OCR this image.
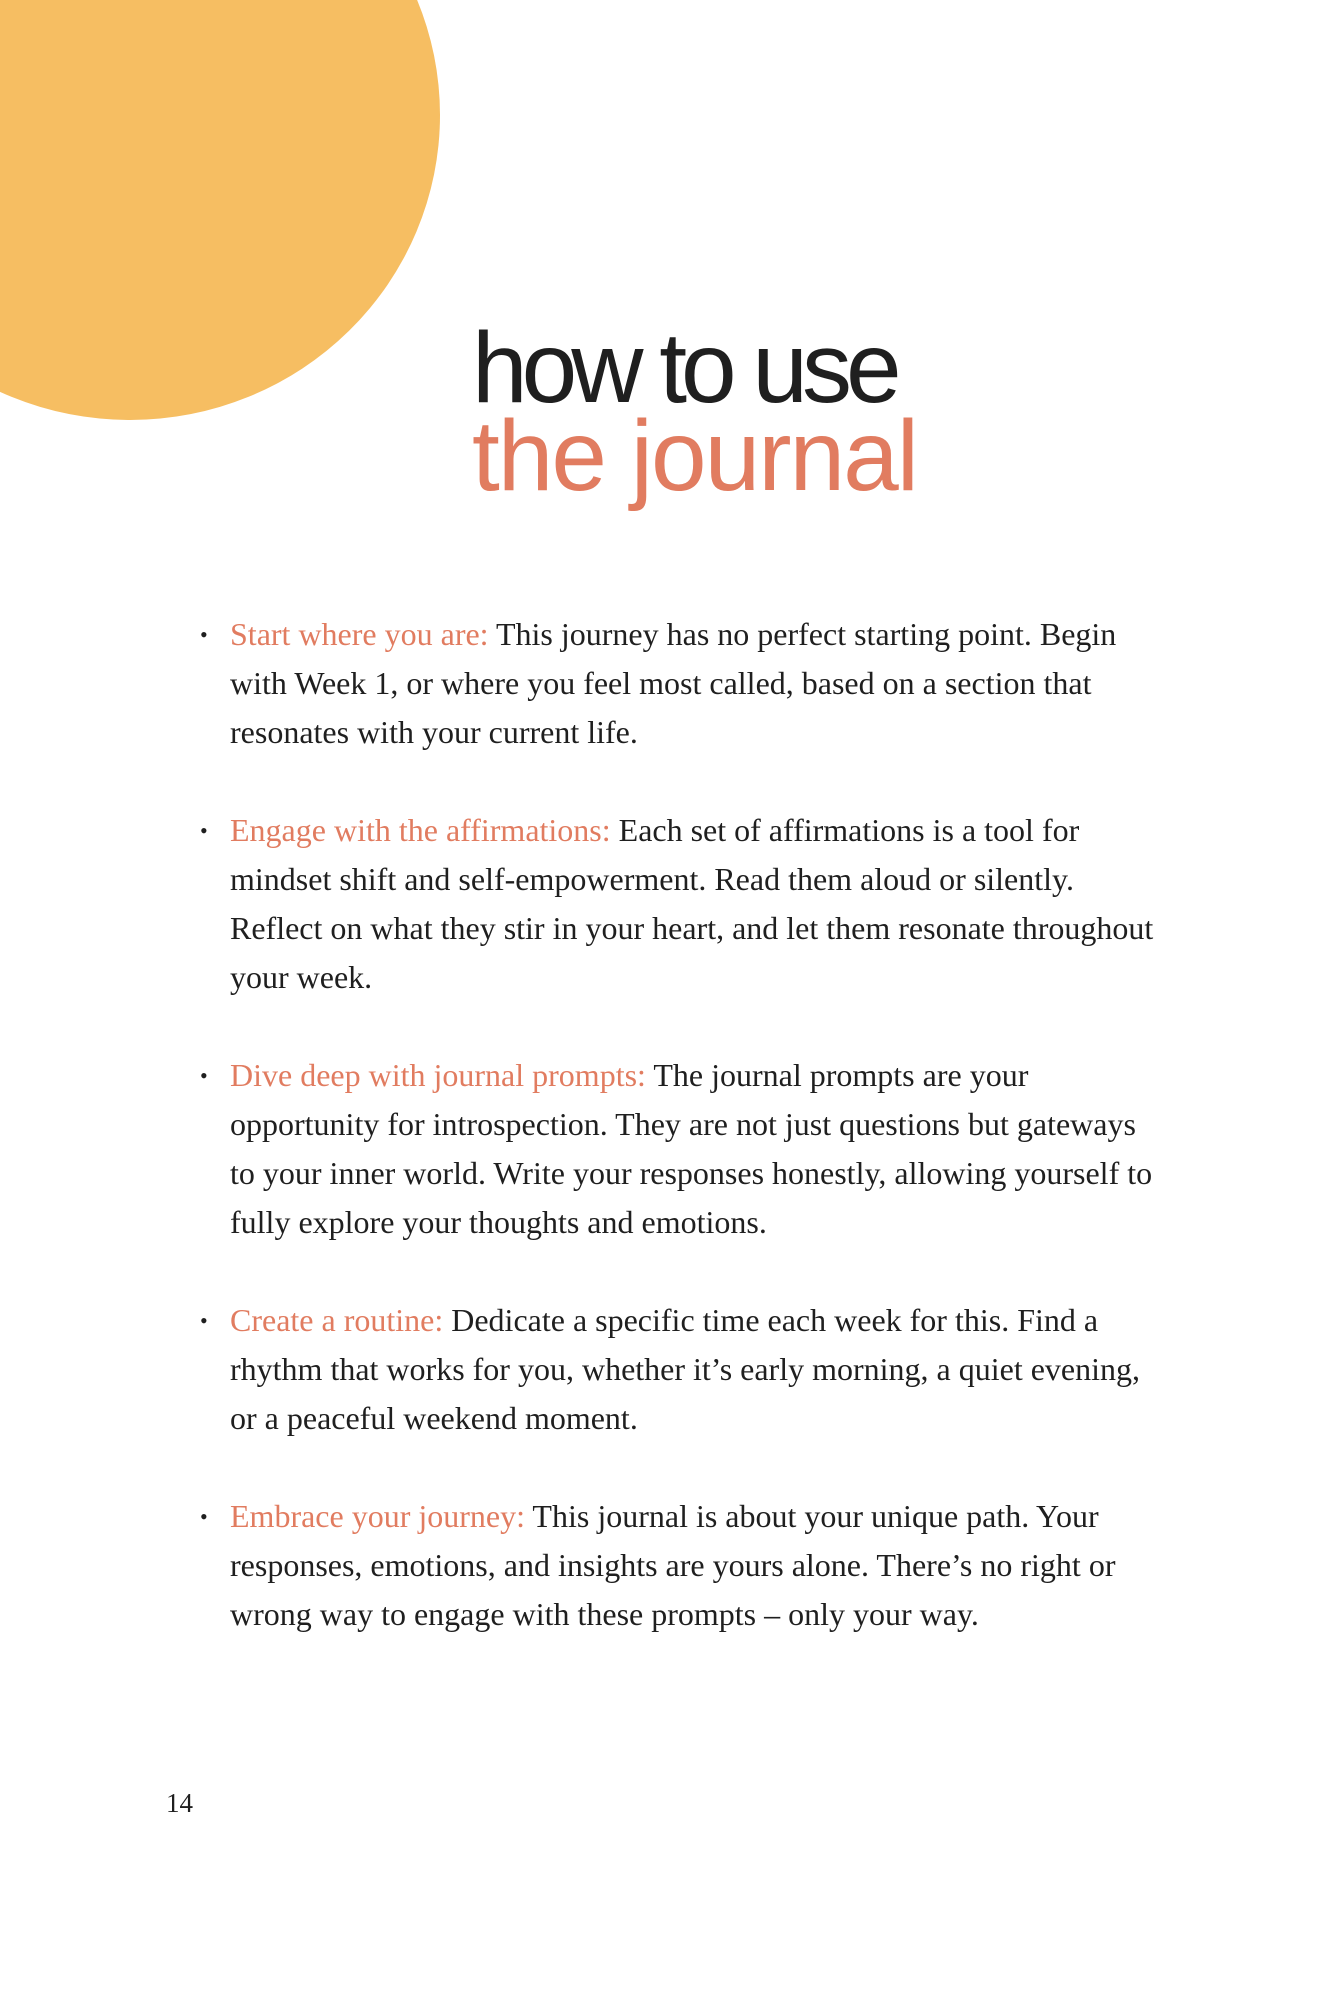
how to use
the journal
• Start where you are: This journey has no perfect starting point. Begin with Week 1, or where you feel most called, based on a section that resonates with your current life.
• Engage with the affirmations: Each set of affirmations is a tool for mindset shift and self-empowerment. Read them aloud or silently. Reflect on what they stir in your heart, and let them resonate throughout your week.
• Dive deep with journal prompts: The journal prompts are your opportunity for introspection. They are not just questions but gateways to your inner world. Write your responses honestly, allowing yourself to fully explore your thoughts and emotions.
• Create a routine: Dedicate a specific time each week for this. Find a rhythm that works for you, whether it’s early morning, a quiet evening, or a peaceful weekend moment.
• Embrace your journey: This journal is about your unique path. Your responses, emotions, and insights are yours alone. There’s no right or wrong way to engage with these prompts – only your way.
14
